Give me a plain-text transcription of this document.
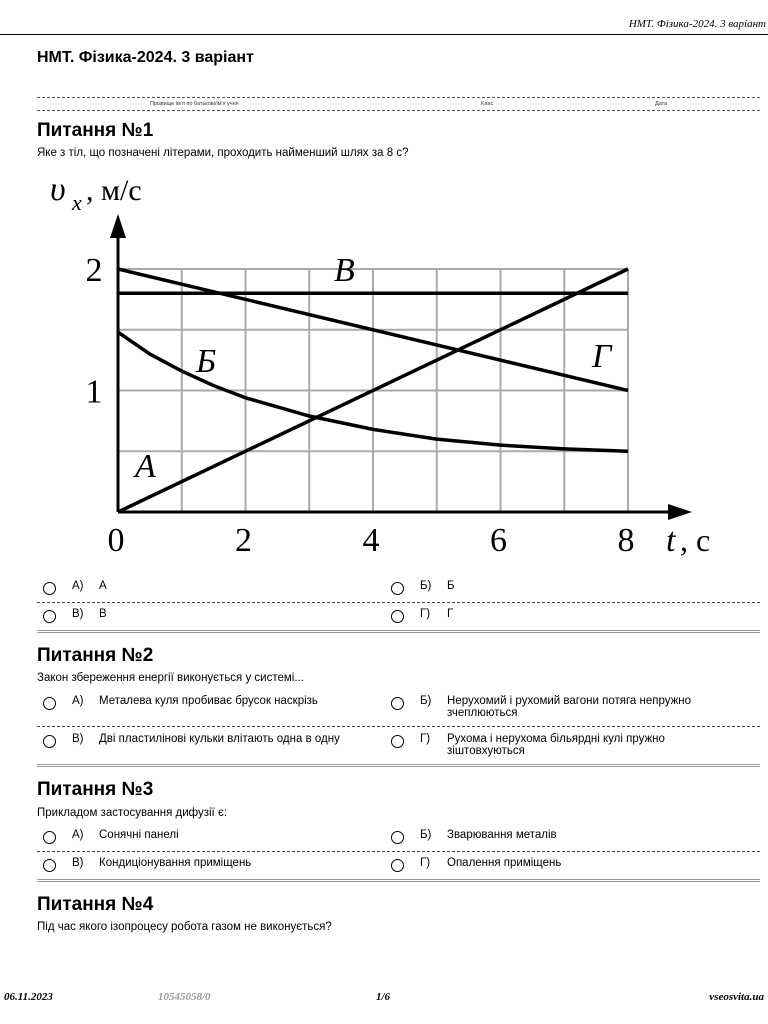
НМТ. Фізика-2024. 3 варіант
НМТ. Фізика-2024. 3 варіант
Прізвище ім'я по батькові/ім'я учня	Клас	Дата
Питання №1
Яке з тіл, що позначені літерами, проходить найменший шлях за 8 с?
0	2	4	6	8
1
2
υ x , м/с
t , с
В
Б	Г
А
А) А	Б) Б
В) В	Г) Г
Питання №2
Закон збереження енергії виконується у системі...
А) Металева куля пробиває брусок наскрізь	Б) Нерухомий і рухомий вагони потяга непружно зчеплюються
В) Дві пластилінові кульки влітають одна в одну	Г) Рухома і нерухома більярдні кулі пружно зіштовхуються
Питання №3
Прикладом застосування дифузії є:
А) Сонячні панелі	Б) Зварювання металів
В) Кондиціонування приміщень	Г) Опалення приміщень
Питання №4
Під час якого ізопроцесу робота газом не виконується?
06.11.2023	10545058/0	1/6	vseosvita.ua
